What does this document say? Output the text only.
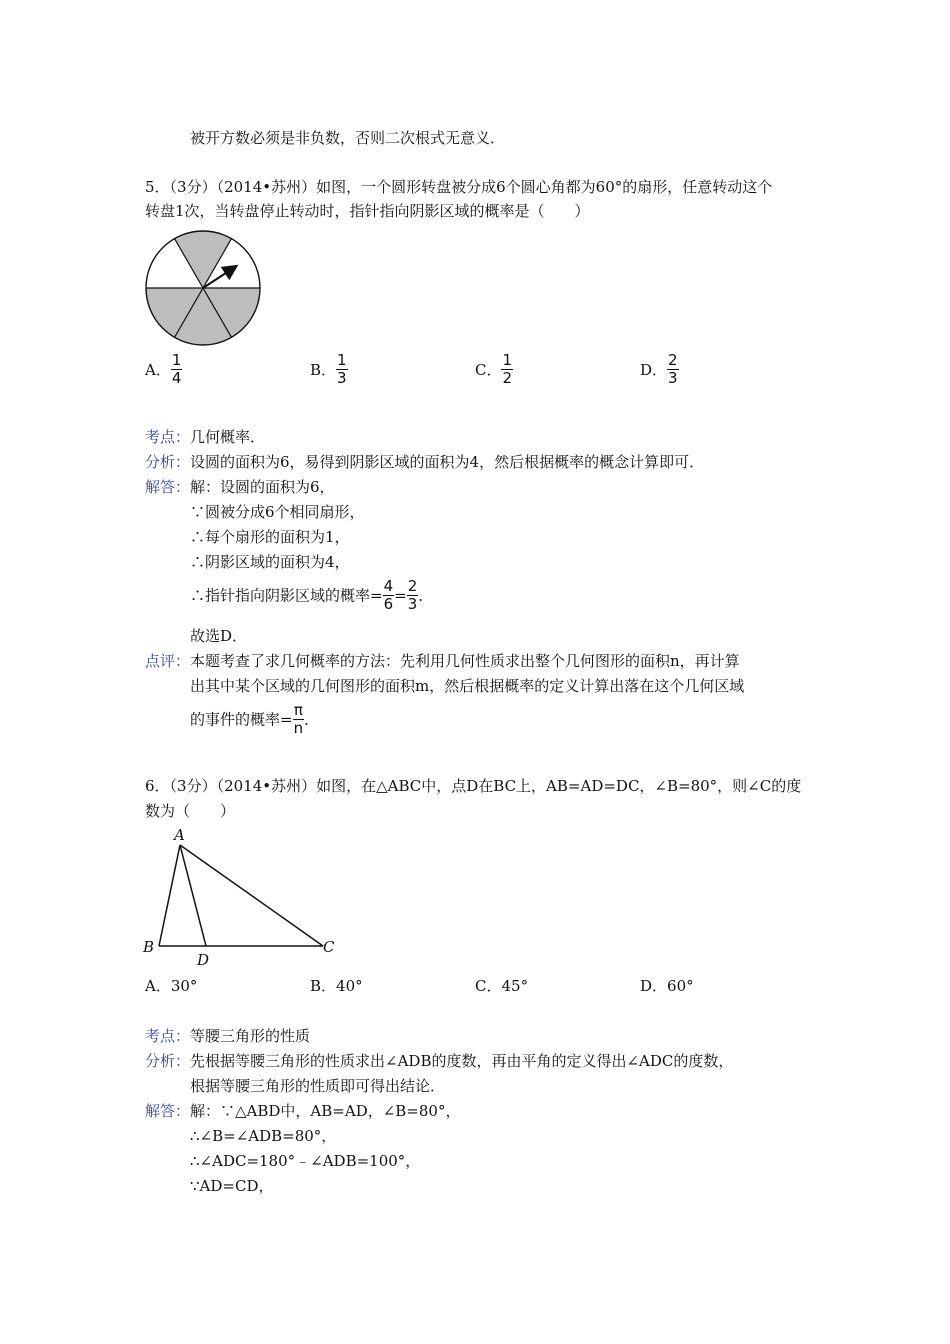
被开方数必须是非负数，否则二次根式无意义．
5．（3分）（2014•苏州）如图，一个圆形转盘被分成6个圆心角都为60°的扇形，任意转动这个
转盘1次，当转盘停止转动时，指针指向阴影区域的概率是（　　）
A． $\frac{1}{4}$	B． $\frac{1}{3}$	C． $\frac{1}{2}$	D． $\frac{2}{3}$
考点：几何概率．
分析：设圆的面积为6，易得到阴影区域的面积为4，然后根据概率的概念计算即可．
解答：解：设圆的面积为6，
∵圆被分成6个相同扇形，
∴每个扇形的面积为1，
∴阴影区域的面积为4，
∴指针指向阴影区域的概率= $\frac{4}{6} = \frac{2}{3}$ ．
故选D．
点评：本题考查了求几何概率的方法：先利用几何性质求出整个几何图形的面积n，再计算
出其中某个区域的几何图形的面积m，然后根据概率的定义计算出落在这个几何区域
的事件的概率= $\frac{\pi}{n}$ ．
6．（3分）（2014•苏州）如图，在△ABC中，点D在BC上，AB=AD=DC，∠B=80°，则∠C的度
数为（　　）
A
B
D
C
A．30°	B．40°	C．45°	D．60°
考点：等腰三角形的性质
分析：先根据等腰三角形的性质求出∠ADB的度数，再由平角的定义得出∠ADC的度数，
根据等腰三角形的性质即可得出结论．
解答：解：∵△ABD中，AB=AD，∠B=80°，
∴∠B=∠ADB=80°，
∴∠ADC=180°﹣∠ADB=100°，
∵AD=CD，
